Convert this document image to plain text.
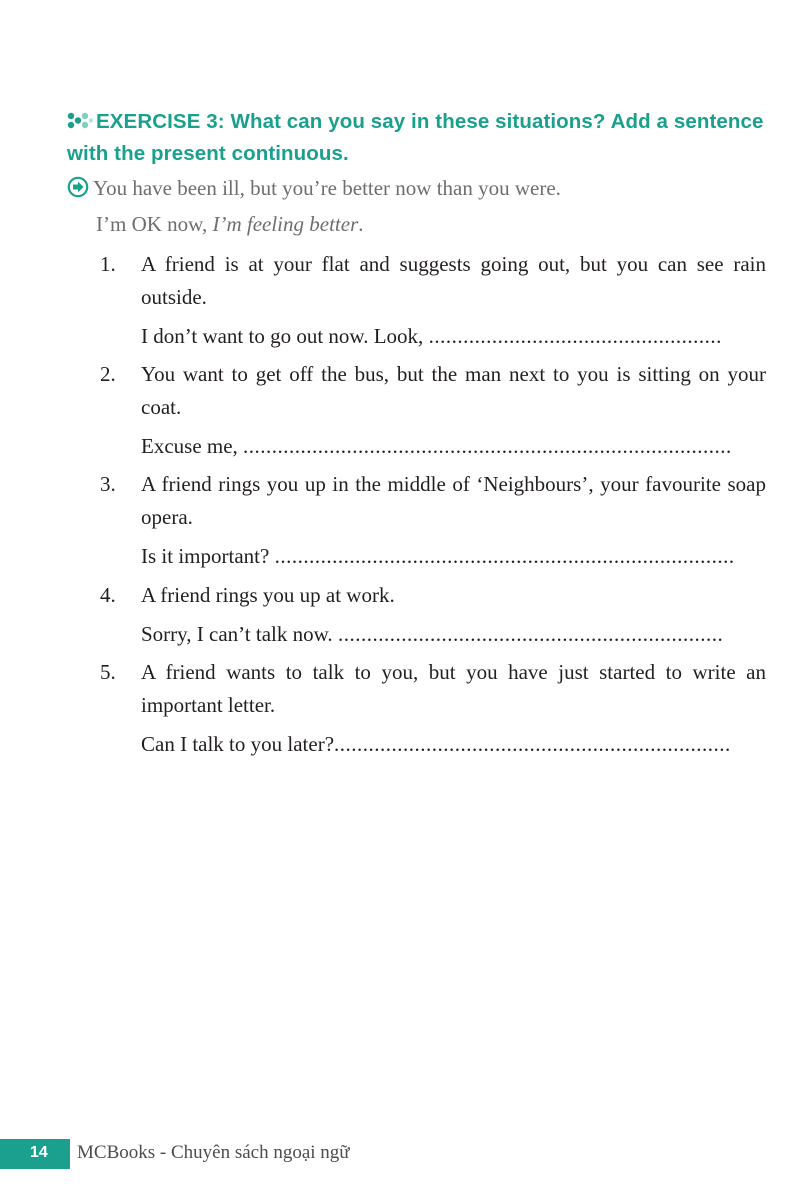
EXERCISE 3: What can you say in these situations? Add a sentence with the present continuous.
You have been ill, but you’re better now than you were.
I’m OK now, I’m feeling better.
1.	A friend is at your flat and suggests going out, but you can see rain outside.
I don’t want to go out now. Look, ...................................................
2.	You want to get off the bus, but the man next to you is sitting on your coat.
Excuse me, .....................................................................................
3.	A friend rings you up in the middle of ‘Neighbours’, your favourite soap opera.
Is it important? ................................................................................
4.	A friend rings you up at work.
Sorry, I can’t talk now. ...................................................................
5.	A friend wants to talk to you, but you have just started to write an important letter.
Can I talk to you later?.....................................................................
14 MCBooks - Chuyên sách ngoại ngữ
